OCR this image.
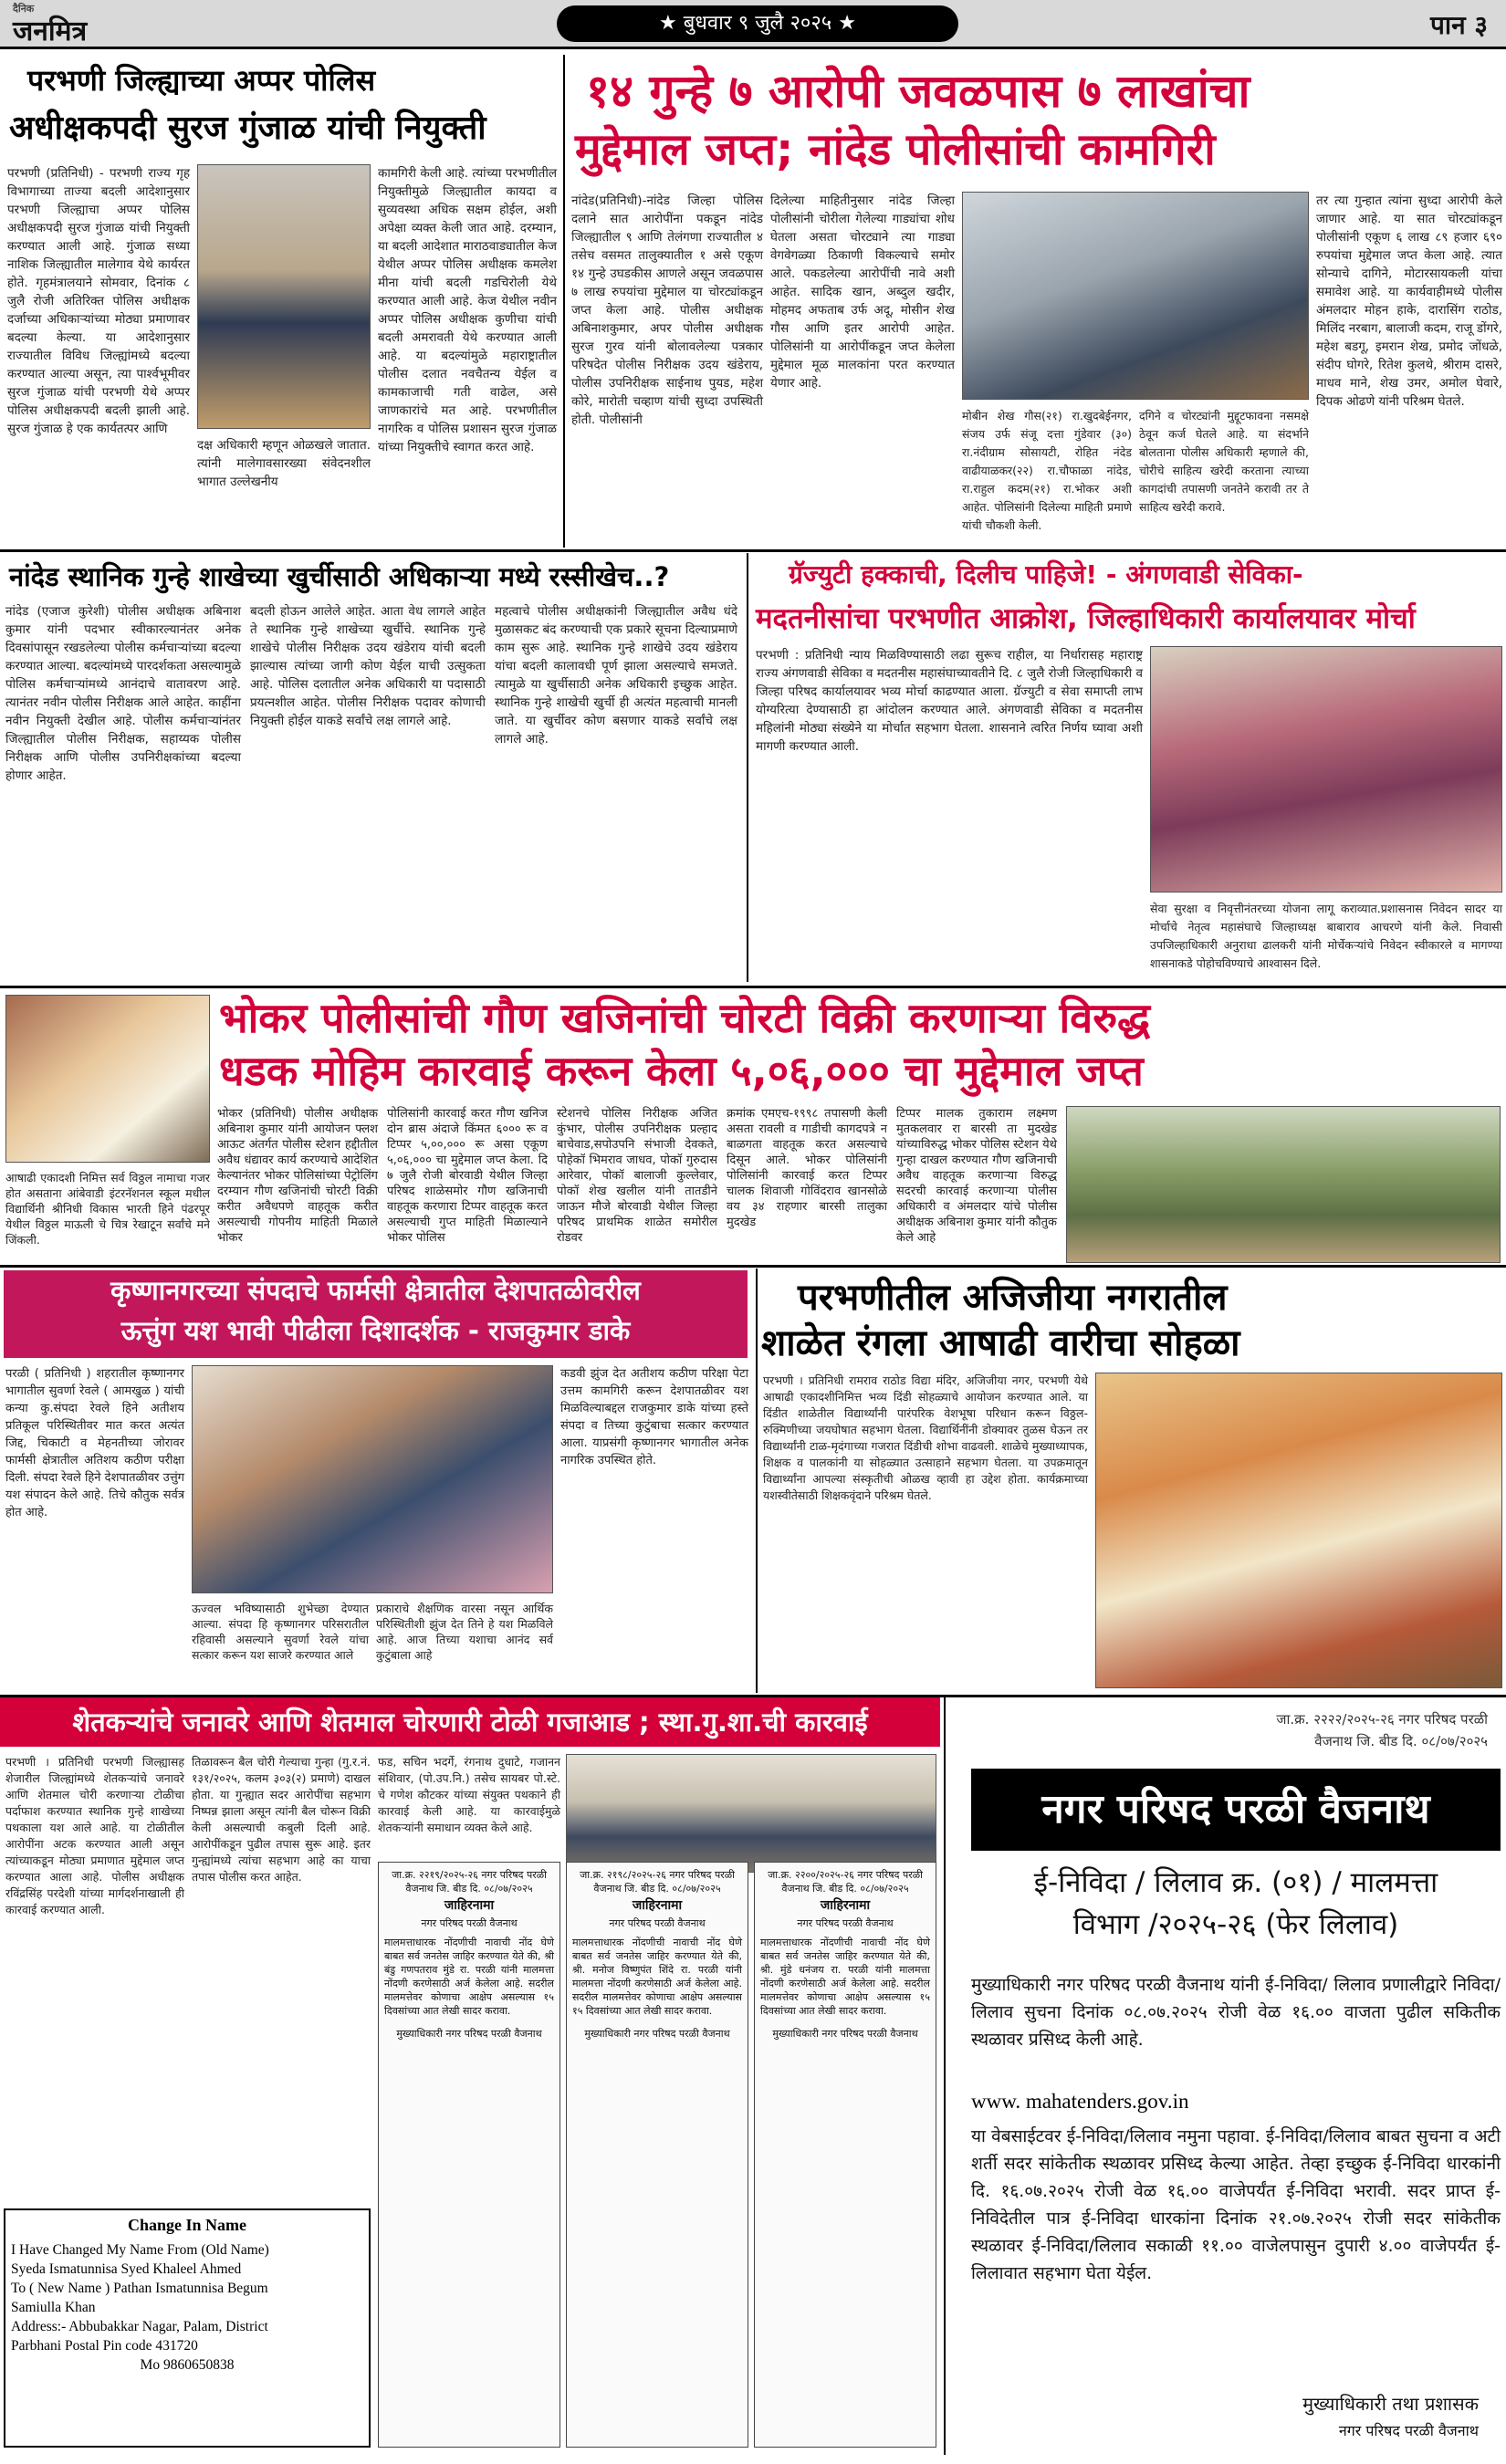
दैनिक
जनमित्र	★ बुधवार ९ जुलै २०२५ ★	पान ३
परभणी जिल्ह्याच्या अप्पर पोलिस
अधीक्षकपदी सुरज गुंजाळ यांची नियुक्ती
परभणी (प्रतिनिधी) - परभणी राज्य गृह विभागाच्या ताज्या बदली आदेशानुसार परभणी जिल्ह्याचा अप्पर पोलिस अधीक्षकपदी सुरज गुंजाळ यांची नियुक्ती करण्यात आली आहे. गुंजाळ सध्या नाशिक जिल्ह्यातील मालेगाव येथे कार्यरत होते. गृहमंत्रालयाने सोमवार, दिनांक ८ जुलै रोजी अतिरिक्त पोलिस अधीक्षक दर्जाच्या अधिकाऱ्यांच्या मोठ्या प्रमाणावर बदल्या केल्या. या आदेशानुसार राज्यातील विविध जिल्ह्यांमध्ये बदल्या करण्यात आल्या असून, त्या पार्श्वभूमीवर सुरज गुंजाळ यांची परभणी येथे अप्पर पोलिस अधीक्षकपदी बदली झाली आहे. सुरज गुंजाळ हे एक कार्यतत्पर आणि
दक्ष अधिकारी म्हणून ओळखले जातात. त्यांनी मालेगावसारख्या संवेदनशील भागात उल्लेखनीय
कामगिरी केली आहे. त्यांच्या परभणीतील नियुक्तीमुळे जिल्ह्यातील कायदा व सुव्यवस्था अधिक सक्षम होईल, अशी अपेक्षा व्यक्त केली जात आहे. दरम्यान, या बदली आदेशात माराठवाड्यातील केज येथील अप्पर पोलिस अधीक्षक कमलेश मीना यांची बदली गडचिरोली येथे करण्यात आली आहे. केज येथील नवीन अप्पर पोलिस अधीक्षक कुणीचा यांची बदली अमरावती येथे करण्यात आली आहे. या बदल्यांमुळे महाराष्ट्रातील पोलीस दलात नवचैतन्य येईल व कामकाजाची गती वाढेल, असे जाणकारांचे मत आहे. परभणीतील नागरिक व पोलिस प्रशासन सुरज गुंजाळ यांच्या नियुक्तीचे स्वागत करत आहे.
१४ गुन्हे ७ आरोपी जवळपास ७ लाखांचा
मुद्देमाल जप्त; नांदेड पोलीसांची कामगिरी
नांदेड(प्रतिनिधी)-नांदेड जिल्हा पोलिस दलाने सात आरोपींना पकडून नांदेड जिल्ह्यातील ९ आणि तेलंगणा राज्यातील ४ तसेच वसमत तालुक्यातील १ असे एकूण १४ गुन्हे उघडकीस आणले असून जवळपास ७ लाख रुपयांचा मुद्देमाल या चोरट्यांकडून जप्त केला आहे. पोलीस अधीक्षक अबिनाशकुमार, अपर पोलीस अधीक्षक सुरज गुरव यांनी बोलावलेल्या पत्रकार परिषदेत पोलीस निरीक्षक उदय खंडेराय, पोलीस उपनिरीक्षक साईनाथ पुयड, महेश कोरे, मारोती चव्हाण यांची सुध्दा उपस्थिती होती. पोलीसांनी
दिलेल्या माहितीनुसार नांदेड जिल्हा पोलीसांनी चोरीला गेलेल्या गाड्यांचा शोध घेतला असता चोरट्याने त्या गाड्या वेगवेगळ्या ठिकाणी विकल्याचे समोर आले. पकडलेल्या आरोपींची नावे अशी आहेत. सादिक खान, अब्दुल खदीर, मोहमद अफताब उर्फ अदू, मोसीन शेख गौस आणि इतर आरोपी आहेत. पोलिसांनी या आरोपींकडून जप्त केलेला मुद्देमाल मूळ मालकांना परत करण्यात येणार आहे.
मोबीन शेख गौस(२१) रा.खुदबेईनगर, संजय उर्फ संजू दत्ता गुंडेवार (३०) रा.नंदीग्राम सोसायटी, रोहित नंदेड वाढीयाळकर(२२) रा.चौफाळा नांदेड, रा.राहुल कदम(२१) रा.भोकर अशी आहेत. पोलिसांनी दिलेल्या माहिती प्रमाणे यांची चौकशी केली.
दगिने व चोरट्यांनी मुद्दूटफावना नसमक्षे ठेवून कर्ज घेतले आहे. या संदर्भाने बोलताना पोलीस अधिकारी म्हणाले की, चोरीचे साहित्य खरेदी करताना त्याच्या कागदांची तपासणी जनतेने करावी तर ते साहित्य खरेदी करावे.
तर त्या गुन्हात त्यांना सुध्दा आरोपी केले जाणार आहे. या सात चोरट्यांकडून पोलीसांनी एकूण ६ लाख ८९ हजार ६९० रुपयांचा मुद्देमाल जप्त केला आहे. त्यात सोन्याचे दागिने, मोटारसायकली यांचा समावेश आहे. या कार्यवाहीमध्ये पोलीस अंमलदार मोहन हाके, दारासिंग राठोड, मिलिंद नरबाग, बालाजी कदम, राजू डोंगरे, महेश बडगू, इमरान शेख, प्रमोद जोंधळे, संदीप घोगरे, रितेश कुलथे, श्रीराम दासरे, माधव माने, शेख उमर, अमोल घेवारे, दिपक ओढणे यांनी परिश्रम घेतले.
नांदेड स्थानिक गुन्हे शाखेच्या खुर्चीसाठी अधिकाऱ्या मध्ये रस्सीखेच..?
नांदेड (एजाज कुरेशी) पोलीस अधीक्षक अबिनाश कुमार यांनी पदभार स्वीकारल्यानंतर अनेक दिवसांपासून रखडलेल्या पोलीस कर्मचाऱ्यांच्या बदल्या करण्यात आल्या. बदल्यांमध्ये पारदर्शकता असल्यामुळे पोलिस कर्मचाऱ्यांमध्ये आनंदाचे वातावरण आहे. त्यानंतर नवीन पोलीस निरीक्षक आले आहेत. काहींना नवीन नियुक्ती देखील आहे. पोलीस कर्मचाऱ्यांनंतर जिल्ह्यातील पोलीस निरीक्षक, सहाय्यक पोलीस निरीक्षक आणि पोलीस उपनिरीक्षकांच्या बदल्या होणार आहेत.
बदली होऊन आलेले आहेत. आता वेध लागले आहेत ते स्थानिक गुन्हे शाखेच्या खुर्चीचे. स्थानिक गुन्हे शाखेचे पोलीस निरीक्षक उदय खंडेराय यांची बदली झाल्यास त्यांच्या जागी कोण येईल याची उत्सुकता आहे. पोलिस दलातील अनेक अधिकारी या पदासाठी प्रयत्नशील आहेत. पोलीस निरीक्षक पदावर कोणाची नियुक्ती होईल याकडे सर्वांचे लक्ष लागले आहे.
महत्वाचे पोलीस अधीक्षकांनी जिल्ह्यातील अवैध धंदे मुळासकट बंद करण्याची एक प्रकारे सूचना दिल्याप्रमाणे काम सुरू आहे. स्थानिक गुन्हे शाखेचे उदय खंडेराय यांचा बदली कालावधी पूर्ण झाला असल्याचे समजते. त्यामुळे या खुर्चीसाठी अनेक अधिकारी इच्छुक आहेत. स्थानिक गुन्हे शाखेची खुर्ची ही अत्यंत महत्वाची मानली जाते. या खुर्चीवर कोण बसणार याकडे सर्वांचे लक्ष लागले आहे.
ग्रॅज्युटी हक्काची, दिलीच पाहिजे! - अंगणवाडी सेविका-
मदतनीसांचा परभणीत आक्रोश, जिल्हाधिकारी कार्यालयावर मोर्चा
परभणी : प्रतिनिधी न्याय मिळविण्यासाठी लढा सुरूच राहील, या निर्धारासह महाराष्ट्र राज्य अंगणवाडी सेविका व मदतनीस महासंघाच्यावतीने दि. ८ जुलै रोजी जिल्हाधिकारी व जिल्हा परिषद कार्यालयावर भव्य मोर्चा काढण्यात आला. ग्रॅज्युटी व सेवा समाप्ती लाभ योग्यरित्या देण्यासाठी हा आंदोलन करण्यात आले. अंगणवाडी सेविका व मदतनीस महिलांनी मोठ्या संख्येने या मोर्चात सहभाग घेतला. शासनाने त्वरित निर्णय घ्यावा अशी मागणी करण्यात आली.
सेवा सुरक्षा व निवृत्तीनंतरच्या योजना लागू कराव्यात.प्रशासनास निवेदन सादर या मोर्चाचे नेतृत्व महासंघाचे जिल्हाध्यक्ष बाबाराव आचरणे यांनी केले. निवासी उपजिल्हाधिकारी अनुराधा ढालकरी यांनी मोर्चेकऱ्यांचे निवेदन स्वीकारले व मागण्या शासनाकडे पोहोचविण्याचे आश्वासन दिले.
भोकर पोलीसांची गौण खजिनांची चोरटी विक्री करणाऱ्या विरुद्ध
धडक मोहिम कारवाई करून केला ५,०६,००० चा मुद्देमाल जप्त
आषाढी एकादशी निमित्त सर्व विठ्ठल नामाचा गजर होत असताना आंबेवाडी इंटरनॅशनल स्कूल मधील विद्यार्थिनी श्रीनिधी विकास भारती हिने पंढरपूर येथील विठ्ठल माऊली चे चित्र रेखाटून सर्वांचे मने जिंकली.
भोकर (प्रतिनिधी) पोलीस अधीक्षक अबिनाश कुमार यांनी आयोजन फ्लश आऊट अंतर्गत पोलीस स्टेशन हद्दीतील अवैध धंद्यावर कार्य करण्याचे आदेशित केल्यानंतर भोकर पोलिसांच्या पेट्रोलिंग दरम्यान गौण खजिनांची चोरटी विक्री करीत अवैधपणे वाहतूक करीत असल्याची गोपनीय माहिती मिळाले भोकर
पोलिसांनी कारवाई करत गौण खनिज दोन ब्रास अंदाजे किंमत ६००० रू व टिप्पर ५,००,००० रू असा एकूण ५,०६,००० चा मुद्देमाल जप्त केला. दि ७ जुलै रोजी बोरवाडी येथील जिल्हा परिषद शाळेसमोर गौण खजिनाची वाहतूक करणारा टिप्पर वाहतूक करत असल्याची गुप्त माहिती मिळाल्याने भोकर पोलिस
स्टेशनचे पोलिस निरीक्षक अजित कुंभार, पोलीस उपनिरीक्षक प्रल्हाद बाचेवाड,सपोउपनि संभाजी देवकते, पोहेकॉ भिमराव जाधव, पोकॉ गुरुदास आरेवार, पोकॉ बालाजी कुल्लेवार, पोकॉ शेख खलील यांनी तातडीने जाऊन मौजे बोरवाडी येथील जिल्हा परिषद प्राथमिक शाळेत समोरील रोडवर
क्रमांक एमएच-१९९८ तपासणी केली असता रावली व गाडीची कागदपत्रे न बाळगता वाहतूक करत असल्याचे दिसून आले. भोकर पोलिसांनी पोलिसांनी कारवाई करत टिप्पर चालक शिवाजी गोविंदराव खानसोळे वय ३४ राहणार बारसी तालुका मुदखेड
टिप्पर मालक तुकाराम लक्ष्मण मुतकलवार रा बारसी ता मुदखेड यांच्याविरुद्ध भोकर पोलिस स्टेशन येथे गुन्हा दाखल करण्यात गौण खजिनाची अवैध वाहतूक करणाऱ्या विरुद्ध सदरची कारवाई करणाऱ्या पोलीस अधिकारी व अंमलदार यांचे पोलीस अधीक्षक अबिनाश कुमार यांनी कौतुक केले आहे
कृष्णानगरच्या संपदाचे फार्मसी क्षेत्रातील देशपातळीवरील
ऊत्तुंग यश भावी पीढीला दिशादर्शक - राजकुमार डाके
परळी ( प्रतिनिधी ) शहरातील कृष्णानगर भागातील सुवर्णा रेवले ( आमखुळ ) यांची कन्या कु.संपदा रेवले हिने अतीशय प्रतिकूल परिस्थितीवर मात करत अत्यंत जिद्द, चिकाटी व मेहनतीच्या जोरावर फार्मसी क्षेत्रातील अतिशय कठीण परीक्षा दिली. संपदा रेवले हिने देशपातळीवर उत्तुंग यश संपादन केले आहे. तिचे कौतुक सर्वत्र होत आहे.
ऊज्वल भविष्यासाठी शुभेच्छा देण्यात आल्या. संपदा हि कृष्णानगर परिसरातील रहिवासी असल्याने सुवर्णा रेवले यांचा सत्कार करून यश साजरे करण्यात आले
प्रकाराचे शैक्षणिक वारसा नसून आर्थिक परिस्थितीशी झुंज देत तिने हे यश मिळविले आहे. आज तिच्या यशाचा आनंद सर्व कुटुंबाला आहे
कडवी झुंज देत अतीशय कठीण परिक्षा पेटा उत्तम कामगिरी करून देशपातळीवर यश मिळविल्याबद्दल राजकुमार डाके यांच्या हस्ते संपदा व तिच्या कुटुंबाचा सत्कार करण्यात आला. याप्रसंगी कृष्णानगर भागातील अनेक नागरिक उपस्थित होते.
परभणीतील अजिजीया नगरातील
शाळेत रंगला आषाढी वारीचा सोहळा
परभणी । प्रतिनिधी रामराव राठोड विद्या मंदिर, अजिजीया नगर, परभणी येथे आषाढी एकादशीनिमित्त भव्य दिंडी सोहळ्याचे आयोजन करण्यात आले. या दिंडीत शाळेतील विद्यार्थ्यांनी पारंपरिक वेशभूषा परिधान करून विठ्ठल-रुक्मिणीच्या जयघोषात सहभाग घेतला. विद्यार्थिनींनी डोक्यावर तुळस घेऊन तर विद्यार्थ्यांनी टाळ-मृदंगाच्या गजरात दिंडीची शोभा वाढवली. शाळेचे मुख्याध्यापक, शिक्षक व पालकांनी या सोहळ्यात उत्साहाने सहभाग घेतला. या उपक्रमातून विद्यार्थ्यांना आपल्या संस्कृतीची ओळख व्हावी हा उद्देश होता. कार्यक्रमाच्या यशस्वीतेसाठी शिक्षकवृंदाने परिश्रम घेतले.
शेतकऱ्यांचे जनावरे आणि शेतमाल चोरणारी टोळी गजाआड ; स्था.गु.शा.ची कारवाई
परभणी । प्रतिनिधी परभणी जिल्ह्यासह शेजारील जिल्ह्यांमध्ये शेतकऱ्यांचे जनावरे आणि शेतमाल चोरी करणाऱ्या टोळीचा पर्दाफाश करण्यात स्थानिक गुन्हे शाखेच्या पथकाला यश आले आहे. या टोळीतील आरोपींना अटक करण्यात आली असून त्यांच्याकडून मोठ्या प्रमाणात मुद्देमाल जप्त करण्यात आला आहे. पोलीस अधीक्षक रविंद्रसिंह परदेशी यांच्या मार्गदर्शनाखाली ही कारवाई करण्यात आली.
तिळावरून बैल चोरी गेल्याचा गुन्हा (गु.र.नं. १३१/२०२५, कलम ३०३(२) प्रमाणे) दाखल होता. या गुन्ह्यात सदर आरोपींचा सहभाग निष्पन्न झाला असून त्यांनी बैल चोरून विक्री केली असल्याची कबुली दिली आहे. आरोपींकडून पुढील तपास सुरू आहे. इतर गुन्ह्यांमध्ये त्यांचा सहभाग आहे का याचा तपास पोलीस करत आहेत.
फड, सचिन भदर्गे, रंगनाथ दुधाटे, गजानन संशिवार, (पो.उप.नि.) तसेच सायबर पो.स्टे. चे गणेश कौटकर यांच्या संयुक्त पथकाने ही कारवाई केली आहे. या कारवाईमुळे शेतकऱ्यांनी समाधान व्यक्त केले आहे.
जा.क्र. २२१९/२०२५-२६ नगर परिषद परळी वैजनाथ जि. बीड दि. ०८/०७/२०२५
जाहिरनामा
नगर परिषद परळी वैजनाथ
मालमत्ताधारक नोंदणीची नावाची नोंद घेणे बाबत सर्व जनतेस जाहिर करण्यात येते की, श्री बंडु गणपतराव मुंडे रा. परळी यांनी मालमत्ता नोंदणी करणेसाठी अर्ज केलेला आहे. सदरील मालमत्तेवर कोणाचा आक्षेप असल्यास १५ दिवसांच्या आत लेखी सादर करावा.
मुख्याधिकारी नगर परिषद परळी वैजनाथ
जा.क्र. २१९८/२०२५-२६ नगर परिषद परळी वैजनाथ जि. बीड दि. ०८/०७/२०२५
जाहिरनामा
नगर परिषद परळी वैजनाथ
मालमत्ताधारक नोंदणीची नावाची नोंद घेणे बाबत सर्व जनतेस जाहिर करण्यात येते की, श्री. मनोज विष्णुपंत शिंदे रा. परळी यांनी मालमत्ता नोंदणी करणेसाठी अर्ज केलेला आहे. सदरील मालमत्तेवर कोणाचा आक्षेप असल्यास १५ दिवसांच्या आत लेखी सादर करावा.
मुख्याधिकारी नगर परिषद परळी वैजनाथ
जा.क्र. २२००/२०२५-२६ नगर परिषद परळी वैजनाथ जि. बीड दि. ०८/०७/२०२५
जाहिरनामा
नगर परिषद परळी वैजनाथ
मालमत्ताधारक नोंदणीची नावाची नोंद घेणे बाबत सर्व जनतेस जाहिर करण्यात येते की, श्री. मुंडे धनंजय रा. परळी यांनी मालमत्ता नोंदणी करणेसाठी अर्ज केलेला आहे. सदरील मालमत्तेवर कोणाचा आक्षेप असल्यास १५ दिवसांच्या आत लेखी सादर करावा.
मुख्याधिकारी नगर परिषद परळी वैजनाथ
Change In Name
I Have Changed My Name From (Old Name)
Syeda Ismatunnisa Syed Khaleel Ahmed
To ( New Name ) Pathan Ismatunnisa Begum
Samiulla Khan
Address:- Abbubakkar Nagar, Palam, District
Parbhani Postal Pin code 431720
Mo 9860650838
जा.क्र. २२२२/२०२५-२६ नगर परिषद परळी
वैजनाथ जि. बीड दि. ०८/०७/२०२५
नगर परिषद परळी वैजनाथ
ई-निविदा / लिलाव क्र. (०१) / मालमत्ता
विभाग /२०२५-२६ (फेर लिलाव)
मुख्याधिकारी नगर परिषद परळी वैजनाथ यांनी ई-निविदा/ लिलाव प्रणालीद्वारे निविदा/लिलाव सुचना दिनांक ०८.०७.२०२५ रोजी वेळ १६.०० वाजता पुढील सकितीक स्थळावर प्रसिध्द केली आहे.
www. mahatenders.gov.in
या वेबसाईटवर ई-निविदा/लिलाव नमुना पहावा. ई-निविदा/लिलाव बाबत सुचना व अटी शर्ती सदर सांकेतीक स्थळावर प्रसिध्द केल्या आहेत. तेव्हा इच्छुक ई-निविदा धारकांनी दि. १६.०७.२०२५ रोजी वेळ १६.०० वाजेपर्यंत ई-निविदा भरावी. सदर प्राप्त ई-निविदेतील पात्र ई-निविदा धारकांना दिनांक २१.०७.२०२५ रोजी सदर सांकेतीक स्थळावर ई-निविदा/लिलाव सकाळी ११.०० वाजेलपासुन दुपारी ४.०० वाजेपर्यंत ई-लिलावात सहभाग घेता येईल.
मुख्याधिकारी तथा प्रशासक
नगर परिषद परळी वैजनाथ
